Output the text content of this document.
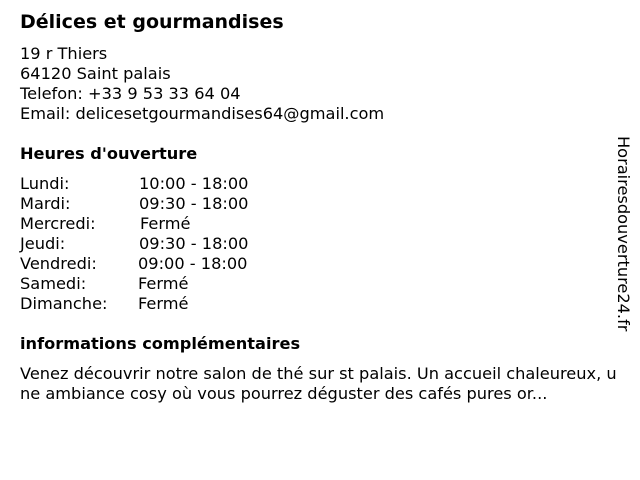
Délices et gourmandises
19 r Thiers
64120 Saint palais
Telefon: +33 9 53 33 64 04
Email: delicesetgourmandises64@gmail.com
Heures d'ouverture
Lundi:	10:00 - 18:00
Mardi:	09:30 - 18:00
Mercredi:	Fermé
Jeudi:	09:30 - 18:00
Vendredi:	09:00 - 18:00
Samedi:	Fermé
Dimanche: Fermé
informations complémentaires
Venez découvrir notre salon de thé sur st palais. Un accueil chaleureux, une ambiance cosy où vous pourrez déguster des cafés pures or...
Horairesdouverture24.fr
